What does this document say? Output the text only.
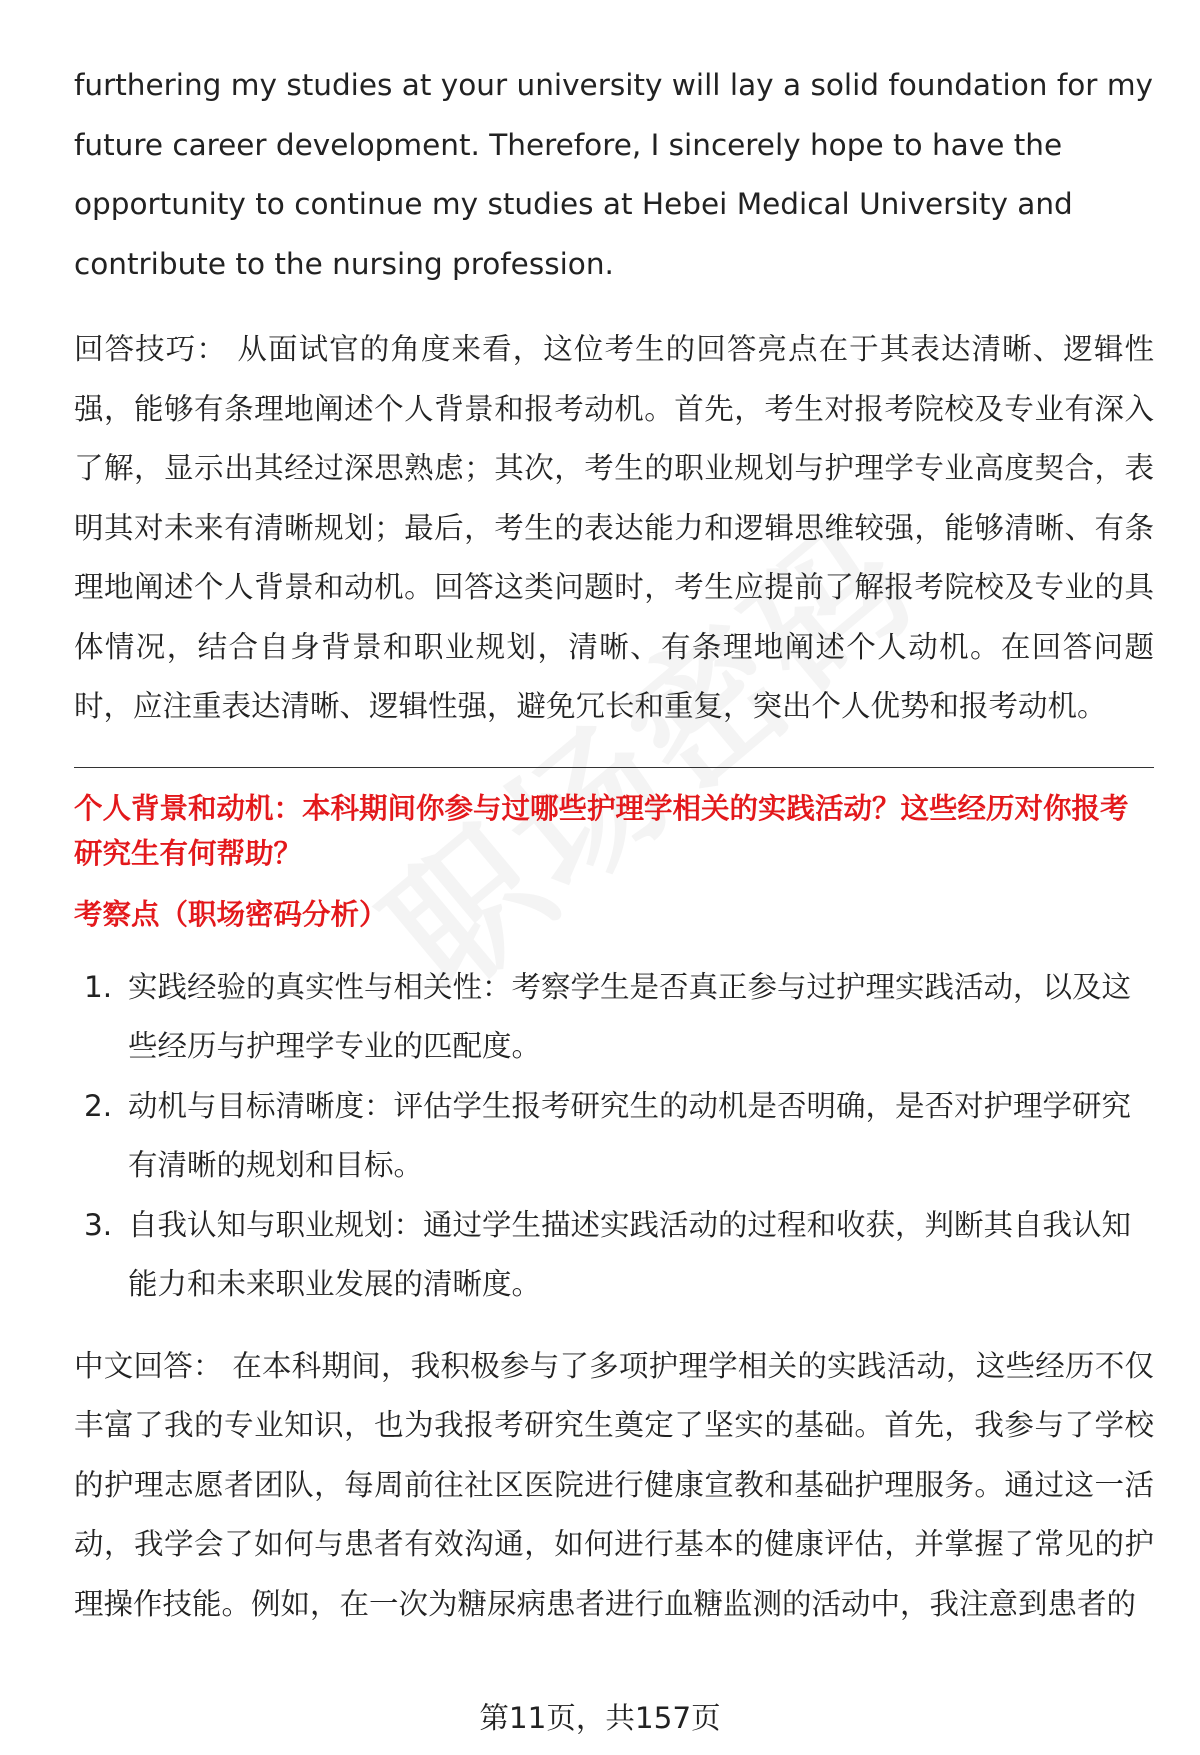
furthering my studies at your university will lay a solid foundation for my future career development. Therefore, I sincerely hope to have the opportunity to continue my studies at Hebei Medical University and contribute to the nursing profession.

回答技巧： 从面试官的角度来看，这位考生的回答亮点在于其表达清晰、逻辑性强，能够有条理地阐述个人背景和报考动机。首先，考生对报考院校及专业有深入了解，显示出其经过深思熟虑；其次，考生的职业规划与护理学专业高度契合，表明其对未来有清晰规划；最后，考生的表达能力和逻辑思维较强，能够清晰、有条理地阐述个人背景和动机。回答这类问题时，考生应提前了解报考院校及专业的具体情况，结合自身背景和职业规划，清晰、有条理地阐述个人动机。在回答问题时，应注重表达清晰、逻辑性强，避免冗长和重复，突出个人优势和报考动机。

个人背景和动机：本科期间你参与过哪些护理学相关的实践活动？这些经历对你报考研究生有何帮助？
考察点（职场密码分析）
1. 实践经验的真实性与相关性：考察学生是否真正参与过护理实践活动，以及这些经历与护理学专业的匹配度。
2. 动机与目标清晰度：评估学生报考研究生的动机是否明确，是否对护理学研究有清晰的规划和目标。
3. 自我认知与职业规划：通过学生描述实践活动的过程和收获，判断其自我认知能力和未来职业发展的清晰度。

中文回答： 在本科期间，我积极参与了多项护理学相关的实践活动，这些经历不仅丰富了我的专业知识，也为我报考研究生奠定了坚实的基础。首先，我参与了学校的护理志愿者团队，每周前往社区医院进行健康宣教和基础护理服务。通过这一活动，我学会了如何与患者有效沟通，如何进行基本的健康评估，并掌握了常见的护理操作技能。例如，在一次为糖尿病患者进行血糖监测的活动中，我注意到患者的

第11页，共157页
